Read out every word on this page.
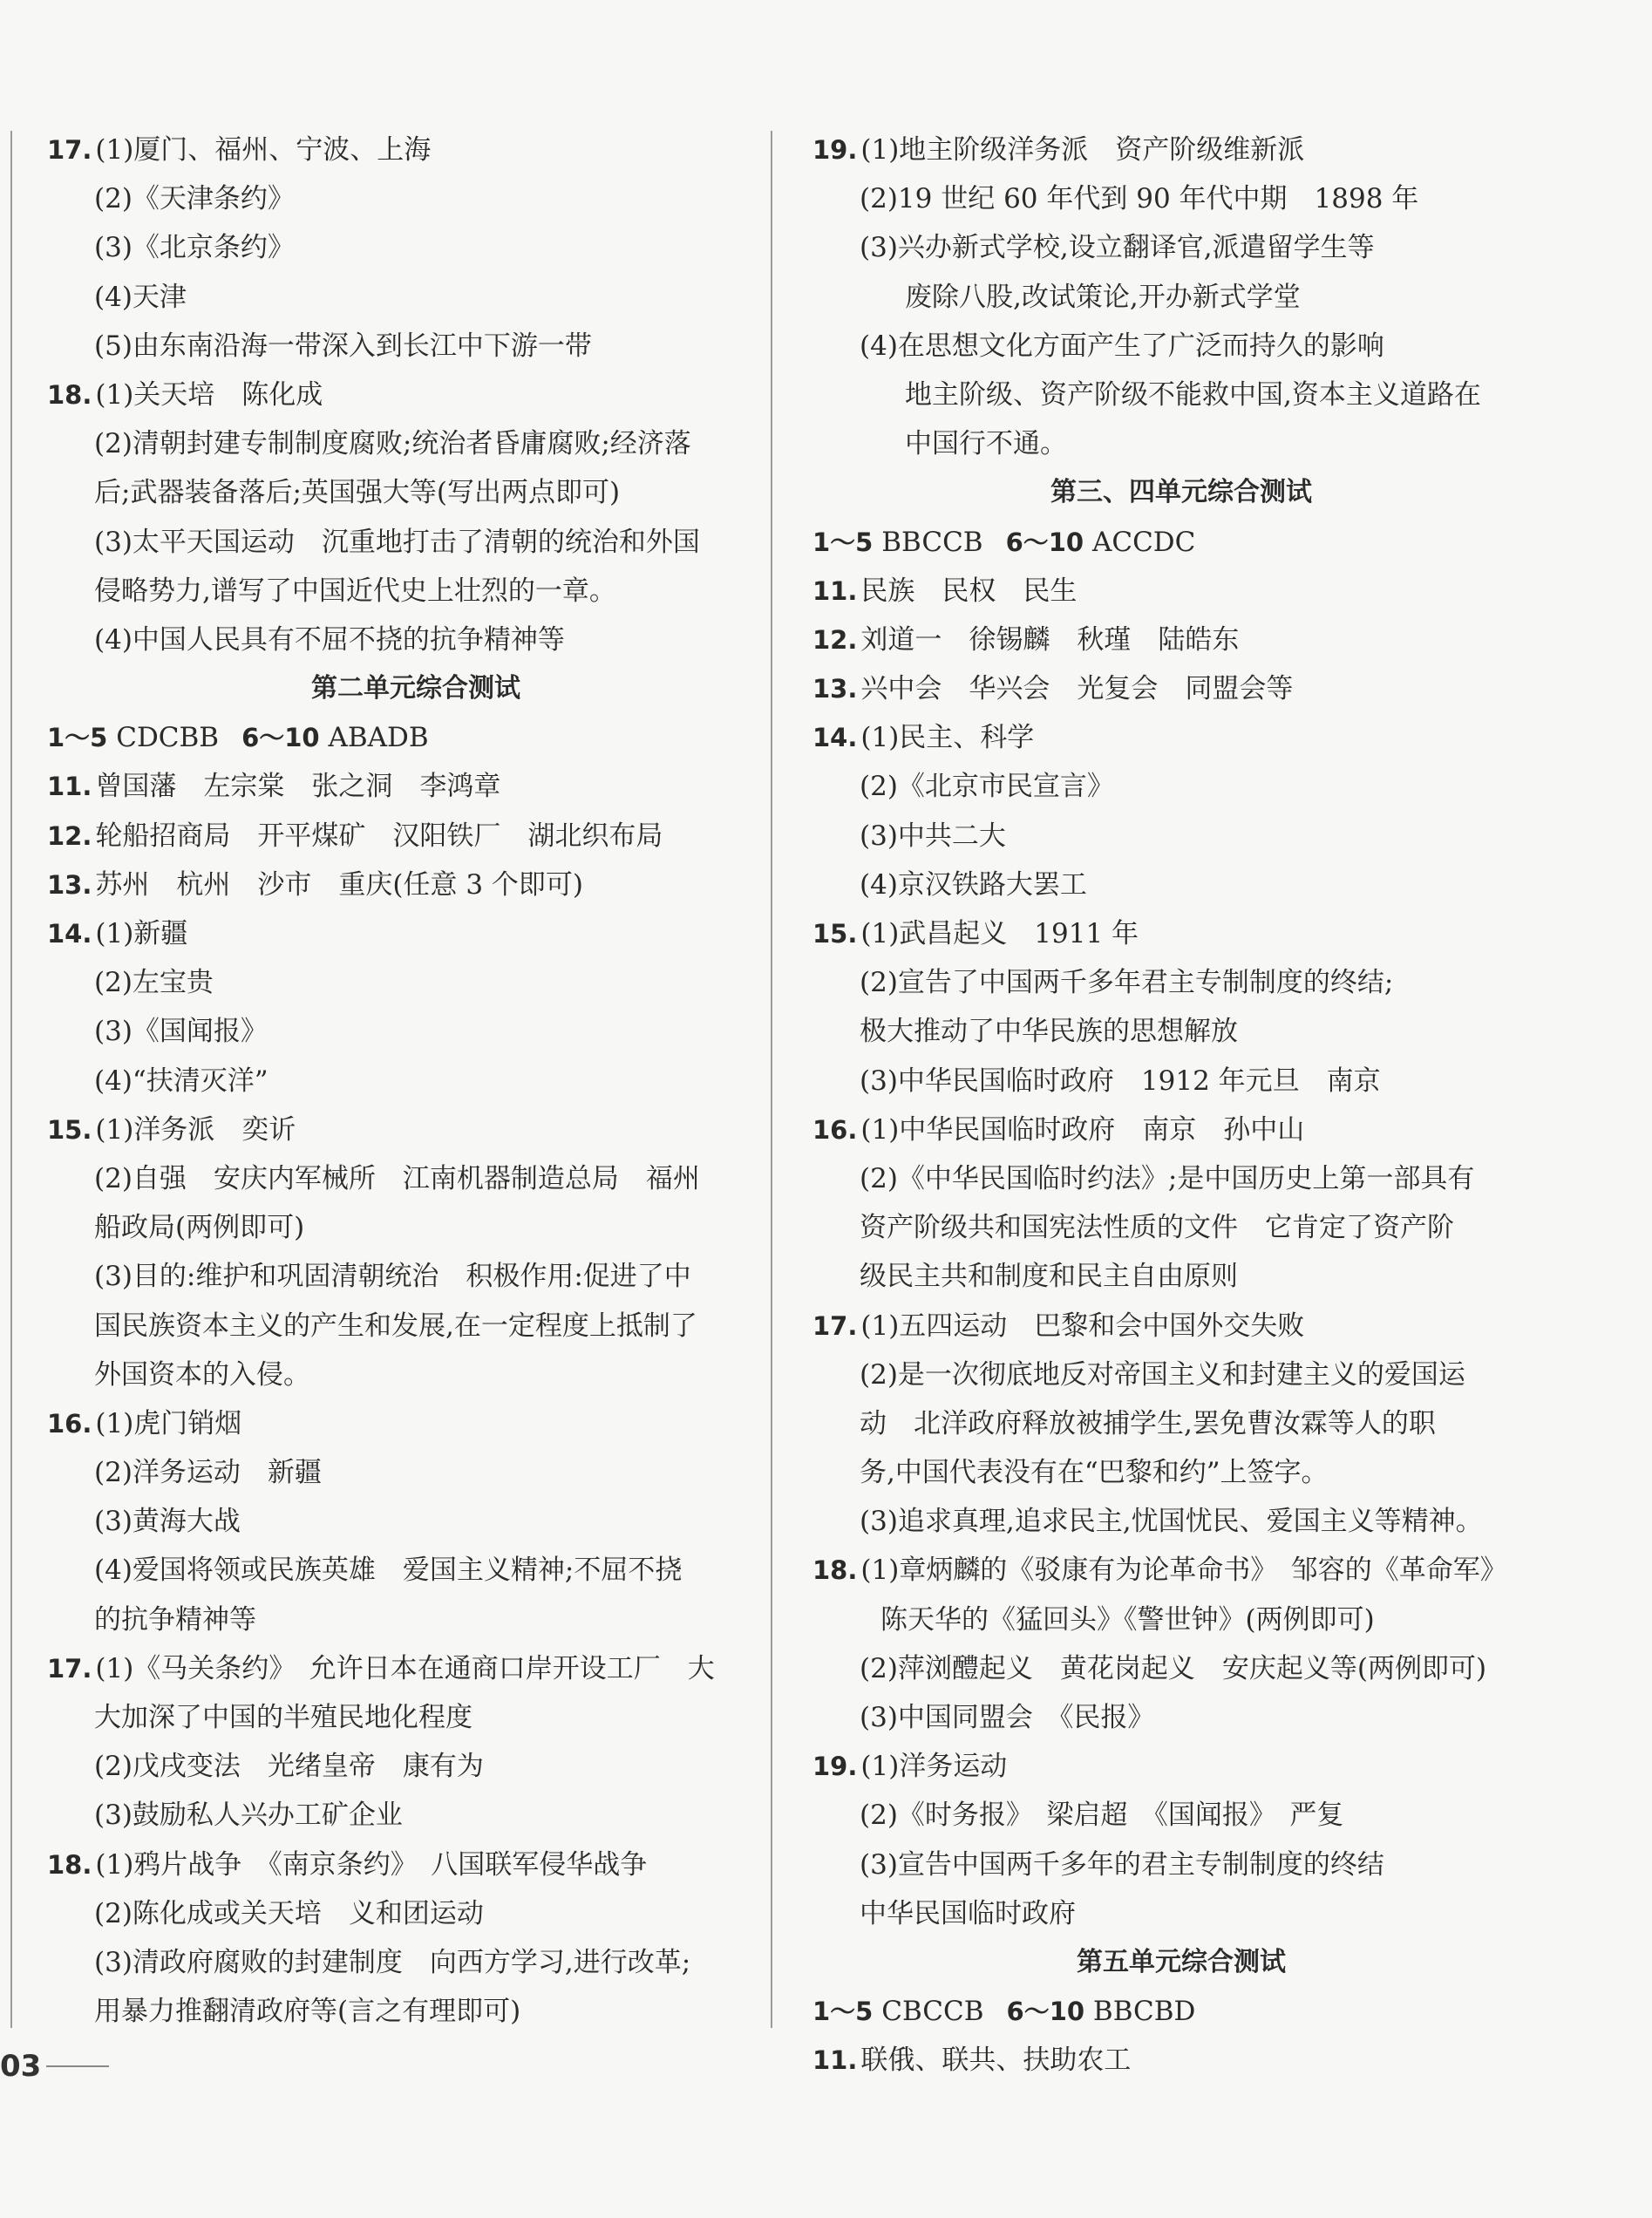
17. (1)厦门、福州、宁波、上海
(2)《天津条约》
(3)《北京条约》
(4)天津
(5)由东南沿海一带深入到长江中下游一带
18. (1)关天培　陈化成
(2)清朝封建专制制度腐败;统治者昏庸腐败;经济落
后;武器装备落后;英国强大等(写出两点即可)
(3)太平天国运动　沉重地打击了清朝的统治和外国
侵略势力,谱写了中国近代史上壮烈的一章。
(4)中国人民具有不屈不挠的抗争精神等
第二单元综合测试
1～5 CDCBB 6～10 ABADB
11. 曾国藩　左宗棠　张之洞　李鸿章
12. 轮船招商局　开平煤矿　汉阳铁厂　湖北织布局
13. 苏州　杭州　沙市　重庆(任意 3 个即可)
14. (1)新疆
(2)左宝贵
(3)《国闻报》
(4)“扶清灭洋”
15. (1)洋务派　奕䜣
(2)自强　安庆内军械所　江南机器制造总局　福州
船政局(两例即可)
(3)目的:维护和巩固清朝统治　积极作用:促进了中
国民族资本主义的产生和发展,在一定程度上抵制了
外国资本的入侵。
16. (1)虎门销烟
(2)洋务运动　新疆
(3)黄海大战
(4)爱国将领或民族英雄　爱国主义精神;不屈不挠
的抗争精神等
17. (1)《马关条约》　允许日本在通商口岸开设工厂　大
大加深了中国的半殖民地化程度
(2)戊戌变法　光绪皇帝　康有为
(3)鼓励私人兴办工矿企业
18. (1)鸦片战争　《南京条约》　八国联军侵华战争
(2)陈化成或关天培　义和团运动
(3)清政府腐败的封建制度　向西方学习,进行改革;
用暴力推翻清政府等(言之有理即可)
19. (1)地主阶级洋务派　资产阶级维新派
(2)19 世纪 60 年代到 90 年代中期　1898 年
(3)兴办新式学校,设立翻译官,派遣留学生等
废除八股,改试策论,开办新式学堂
(4)在思想文化方面产生了广泛而持久的影响
地主阶级、资产阶级不能救中国,资本主义道路在
中国行不通。
第三、四单元综合测试
1～5 BBCCB 6～10 ACCDC
11. 民族　民权　民生
12. 刘道一　徐锡麟　秋瑾　陆皓东
13. 兴中会　华兴会　光复会　同盟会等
14. (1)民主、科学
(2)《北京市民宣言》
(3)中共二大
(4)京汉铁路大罢工
15. (1)武昌起义　1911 年
(2)宣告了中国两千多年君主专制制度的终结;
极大推动了中华民族的思想解放
(3)中华民国临时政府　1912 年元旦　南京
16. (1)中华民国临时政府　南京　孙中山
(2)《中华民国临时约法》;是中国历史上第一部具有
资产阶级共和国宪法性质的文件　它肯定了资产阶
级民主共和制度和民主自由原则
17. (1)五四运动　巴黎和会中国外交失败
(2)是一次彻底地反对帝国主义和封建主义的爱国运
动　北洋政府释放被捕学生,罢免曹汝霖等人的职
务,中国代表没有在“巴黎和约”上签字。
(3)追求真理,追求民主,忧国忧民、爱国主义等精神。
18. (1)章炳麟的《驳康有为论革命书》　邹容的《革命军》
陈天华的《猛回头》《警世钟》(两例即可)
(2)萍浏醴起义　黄花岗起义　安庆起义等(两例即可)
(3)中国同盟会　《民报》
19. (1)洋务运动
(2)《时务报》　梁启超　《国闻报》　严复
(3)宣告中国两千多年的君主专制制度的终结
中华民国临时政府
第五单元综合测试
1～5 CBCCB 6～10 BBCBD
11. 联俄、联共、扶助农工
03
